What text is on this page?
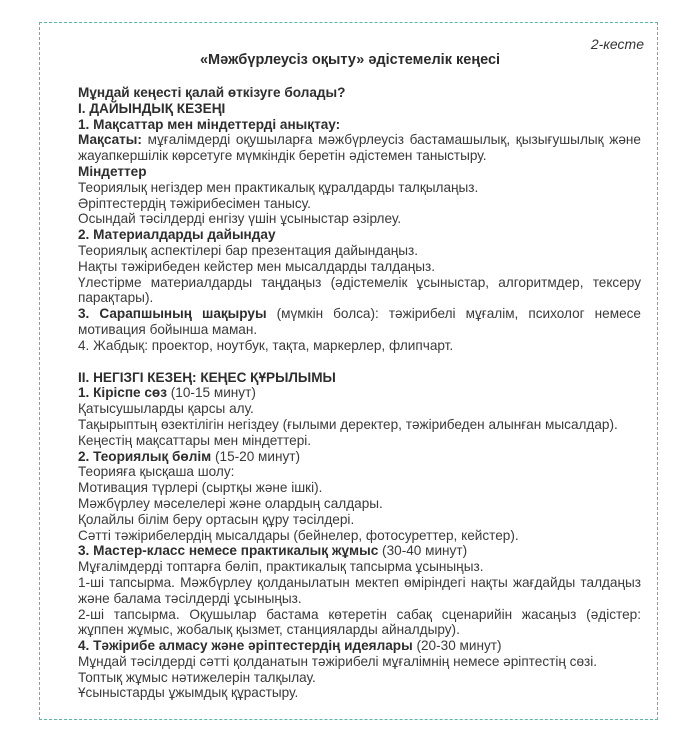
2-кесте
«Мәжбүрлеусіз оқыту» әдістемелік кеңесі
Мұндай кеңесті қалай өткізуге болады?
I. ДАЙЫНДЫҚ КЕЗЕҢІ
1. Мақсаттар мен міндеттерді анықтау:
Мақсаты: мұғалімдерді оқушыларға мәжбүрлеусіз бастамашылық, қызығушылық және жауапкершілік көрсетуге мүмкіндік беретін әдістемен таныстыру.
Міндеттер
Теориялық негіздер мен практикалық құралдарды талқылаңыз.
Әріптестердің тәжірибесімен танысу.
Осындай тәсілдерді енгізу үшін ұсыныстар әзірлеу.
2. Материалдарды дайындау
Теориялық аспектілері бар презентация дайындаңыз.
Нақты тәжірибеден кейстер мен мысалдарды талдаңыз.
Үлестірме материалдарды таңдаңыз (әдістемелік ұсыныстар, алгоритмдер, тексеру парақтары).
3. Сарапшының шақыруы (мүмкін болса): тәжірибелі мұғалім, психолог немесе мотивация бойынша маман.
4. Жабдық: проектор, ноутбук, тақта, маркерлер, флипчарт.
II. НЕГІЗГІ КЕЗЕҢ: КЕҢЕС ҚҰРЫЛЫМЫ
1. Кіріспе сөз (10-15 минут)
Қатысушыларды қарсы алу.
Тақырыптың өзектілігін негіздеу (ғылыми деректер, тәжірибеден алынған мысалдар).
Кеңестің мақсаттары мен міндеттері.
2. Теориялық бөлім (15-20 минут)
Теорияға қысқаша шолу:
Мотивация түрлері (сыртқы және ішкі).
Мәжбүрлеу мәселелері және олардың салдары.
Қолайлы білім беру ортасын құру тәсілдері.
Сәтті тәжірибелердің мысалдары (бейнелер, фотосуреттер, кейстер).
3. Мастер-класс немесе практикалық жұмыс (30-40 минут)
Мұғалімдерді топтарға бөліп, практикалық тапсырма ұсыныңыз.
1-ші тапсырма. Мәжбүрлеу қолданылатын мектеп өміріндегі нақты жағдайды талдаңыз және балама тәсілдерді ұсыныңыз.
2-ші тапсырма. Оқушылар бастама көтеретін сабақ сценарийін жасаңыз (әдістер: жұппен жұмыс, жобалық қызмет, станцияларды айналдыру).
4. Тәжірибе алмасу және әріптестердің идеялары (20-30 минут)
Мұндай тәсілдерді сәтті қолданатын тәжірибелі мұғалімнің немесе әріптестің сөзі.
Топтық жұмыс нәтижелерін талқылау.
Ұсыныстарды ұжымдық құрастыру.
